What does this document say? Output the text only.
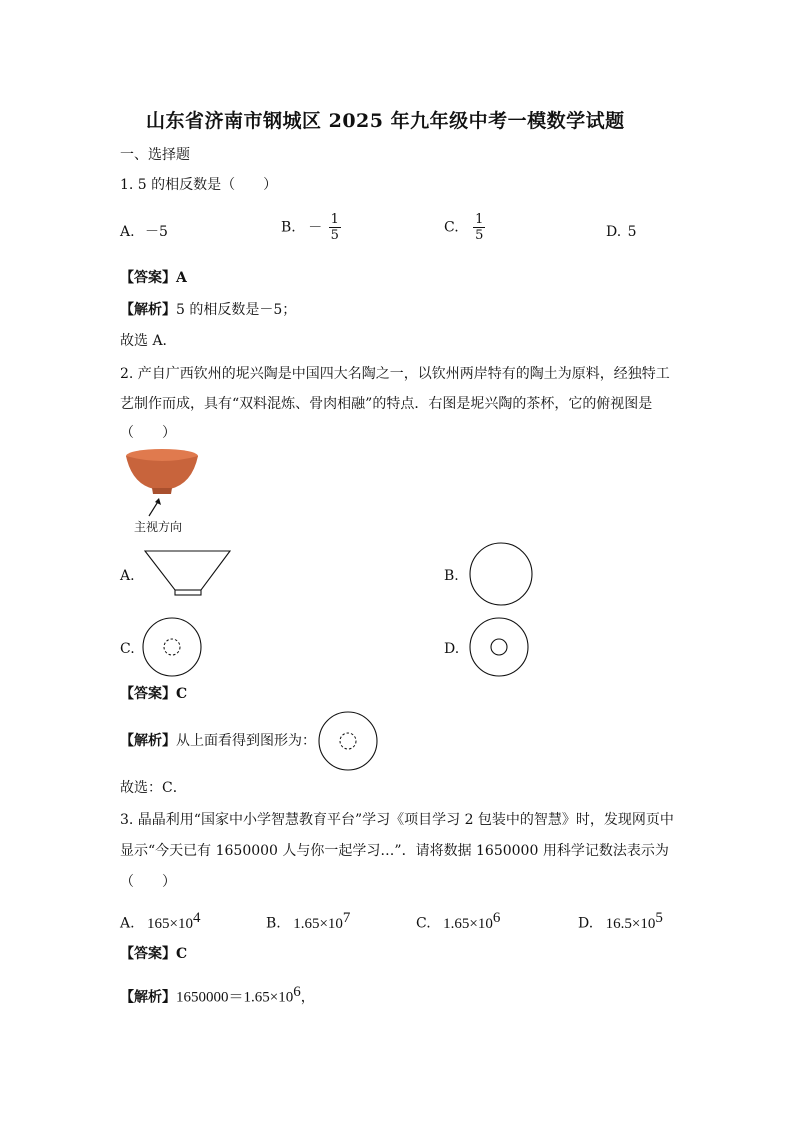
山东省济南市钢城区 2025 年九年级中考一模数学试题
一、选择题
1. 5 的相反数是（　　）
A. －5	B. － $\frac{1}{5}$	C. $\frac{1}{5}$	D. 5
【答案】A
【解析】5 的相反数是－5；
故选 A．
2. 产自广西钦州的坭兴陶是中国四大名陶之一，以钦州两岸特有的陶土为原料，经独特工
艺制作而成，具有“双料混炼、骨肉相融”的特点．右图是坭兴陶的茶杯，它的俯视图是
（　　）
主视方向
A.	B.
C.	D.
【答案】C
【解析】从上面看得到图形为：
故选：C．
3. 晶晶利用“国家中小学智慧教育平台”学习《项目学习 2 包装中的智慧》时，发现网页中
显示“今天已有 1650000 人与你一起学习…”．请将数据 1650000 用科学记数法表示为
（　　）
A. $165\times 10^4$	B. $1.65\times 10^7$	C. $1.65\times 10^6$	D. $16.5\times 10^5$
【答案】C
【解析】$1650000=1.65\times 10^6$，
